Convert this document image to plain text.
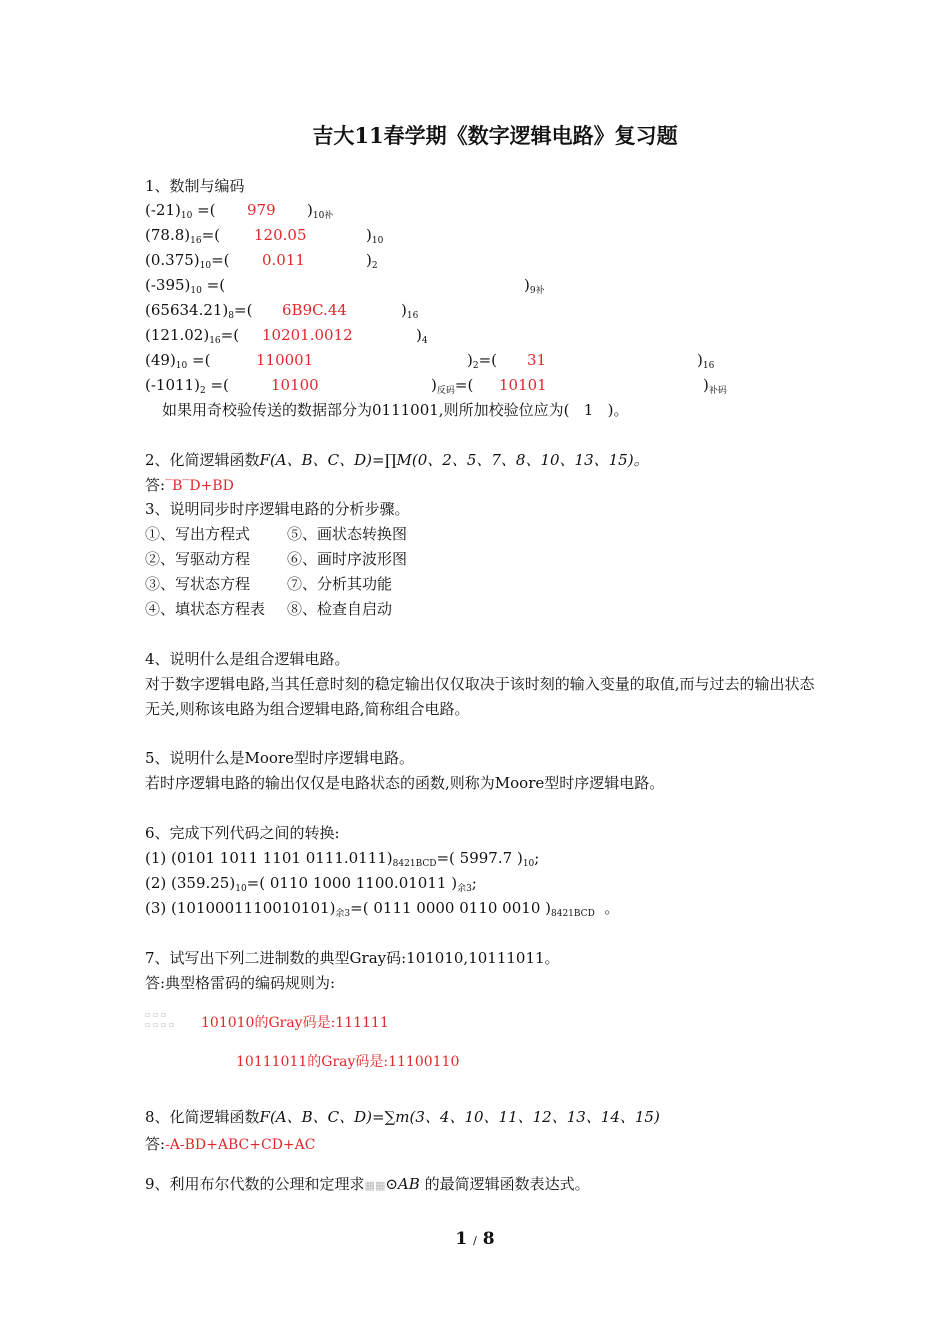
吉大11春学期《数字逻辑电路》复习题
1、数制与编码
$(-21)_{10}$ =( 979 )$_{10补}$
$(78.8)_{16}=$( 120.05	)$_{10}$
$(0.375)_{10}=$( 0.011	)$_2$
$(-395)_{10}$ =(	)$_{9补}$
$(65634.21)_8=$( 6B9C.44	)$_{16}$
$(121.02)_{16}=$( 10201.0012	)$_4$
$(49)_{10}$ =(	110001	)$_2=$( 31	)$_{16}$
$(-1011)_2$ =(	10100	)$_{反码}=$( 10101	)$_{补码}$
如果用奇校验传送的数据部分为0111001,则所加校验位应为( 1 )。
2、化简逻辑函数F(A、B、C、D)=∏M(0、2、5、7、8、10、13、15)。
答:‾B‾D+BD
3、说明同步时序逻辑电路的分析步骤。
①、写出方程式 ⑤、画状态转换图
②、写驱动方程 ⑥、画时序波形图
③、写状态方程 ⑦、分析其功能
④、填状态方程表 ⑧、检查自启动
4、说明什么是组合逻辑电路。
对于数字逻辑电路,当其任意时刻的稳定输出仅仅取决于该时刻的输入变量的取值,而与过去的输出状态无关,则称该电路为组合逻辑电路,简称组合电路。
5、说明什么是Moore型时序逻辑电路。
若时序逻辑电路的输出仅仅是电路状态的函数,则称为Moore型时序逻辑电路。
6、完成下列代码之间的转换:
(1) (0101 1011 1101 $0111.0111)_{8421BCD}=$( 5997.7 )$_{10}$;
(2) $(359.25)_{10}=$( 0110 1000 1100.01011 )$_{余3}$;
(3) $(1010001110010101)_{余3}=$( 0111 0000 0110 0010 )$_{8421BCD}$ 。
7、试写出下列二进制数的典型Gray码:101010,10111011。
答:典型格雷码的编码规则为:
▫ ▫ ▫
▫ ▫ ▫ ▫ 101010的Gray码是:111111
10111011的Gray码是:11100110
8、化简逻辑函数F(A、B、C、D)=∑m(3、4、10、11、12、13、14、15)
答:-A-BD+ABC+CD+AC
9、利用布尔代数的公理和定理求▦▦⊙AB 的最简逻辑函数表达式。
1 / 8
